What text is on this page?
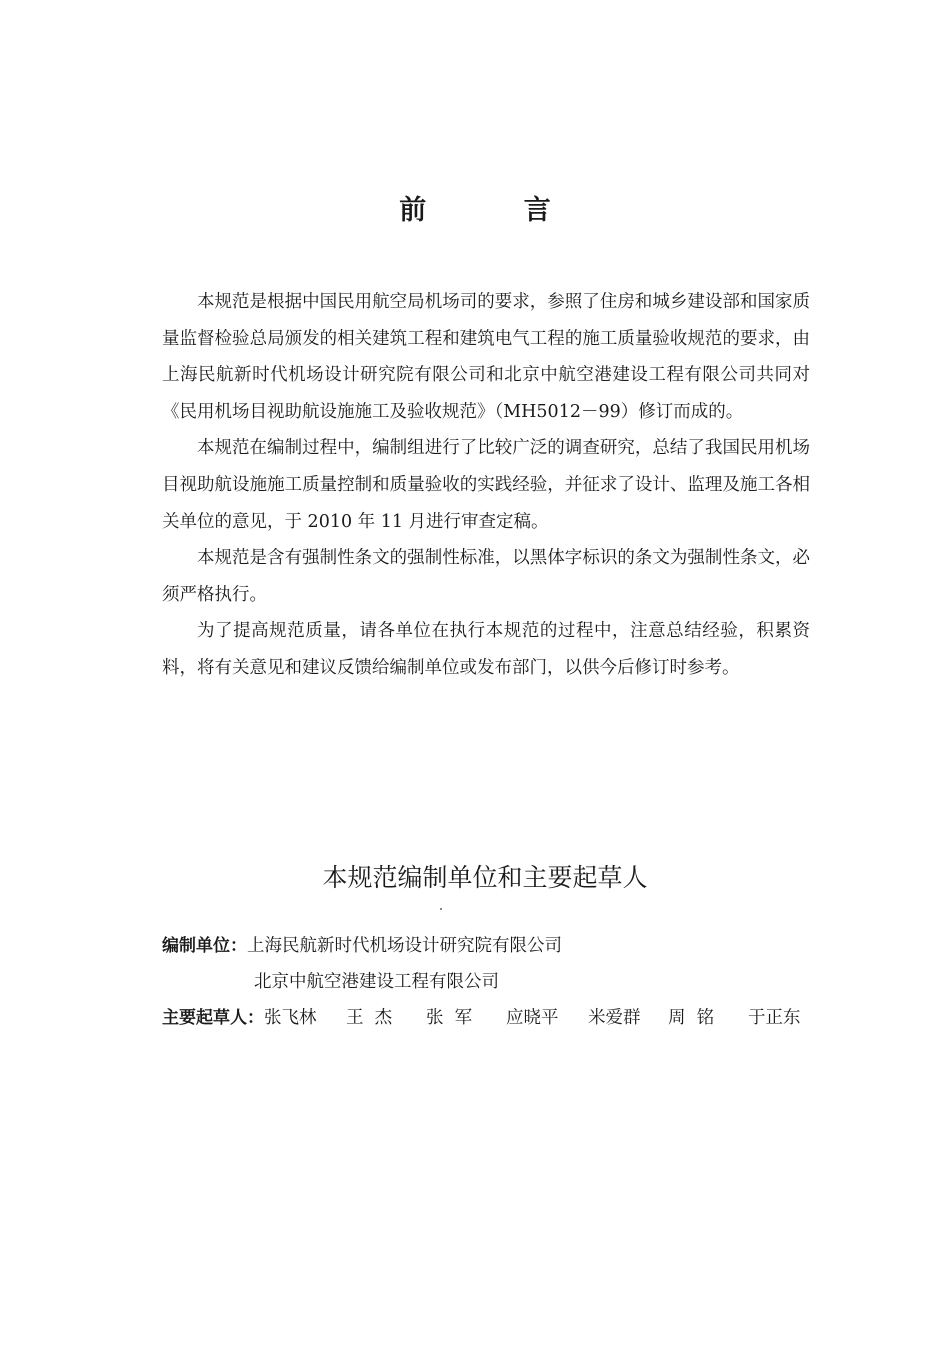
前 言

本规范是根据中国民用航空局机场司的要求，参照了住房和城乡建设部和国家质量监督检验总局颁发的相关建筑工程和建筑电气工程的施工质量验收规范的要求，由上海民航新时代机场设计研究院有限公司和北京中航空港建设工程有限公司共同对《民用机场目视助航设施施工及验收规范》（MH5012－99）修订而成的。

本规范在编制过程中，编制组进行了比较广泛的调查研究，总结了我国民用机场目视助航设施施工质量控制和质量验收的实践经验，并征求了设计、监理及施工各相关单位的意见，于 2010 年 11 月进行审查定稿。

本规范是含有强制性条文的强制性标准，以黑体字标识的条文为强制性条文，必须严格执行。

为了提高规范质量，请各单位在执行本规范的过程中，注意总结经验，积累资料，将有关意见和建议反馈给编制单位或发布部门，以供今后修订时参考。

本规范编制单位和主要起草人
编制单位： 上海民航新时代机场设计研究院有限公司
北京中航空港建设工程有限公司
主要起草人： 张飞林	王  杰	张  军	应晓平	米爱群	周  铭	于正东
